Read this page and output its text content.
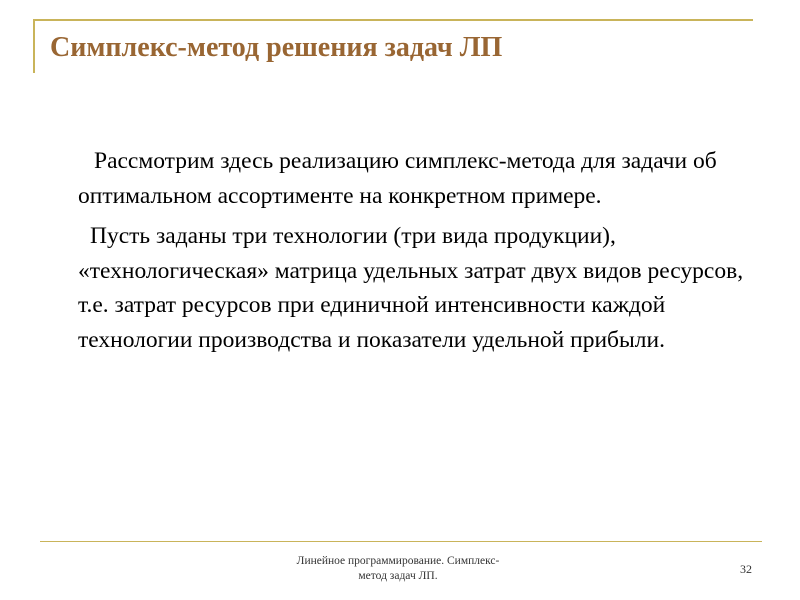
Симплекс-метод решения задач ЛП

Рассмотрим здесь реализацию симплекс-метода для задачи об оптимальном ассортименте на конкретном примере.

Пусть заданы три технологии (три вида продукции), «технологическая» матрица удельных затрат двух видов ресурсов, т.е. затрат ресурсов при единичной интенсивности каждой технологии производства и показатели удельной прибыли.

Линейное программирование. Симплекс-
метод задач ЛП.	32
